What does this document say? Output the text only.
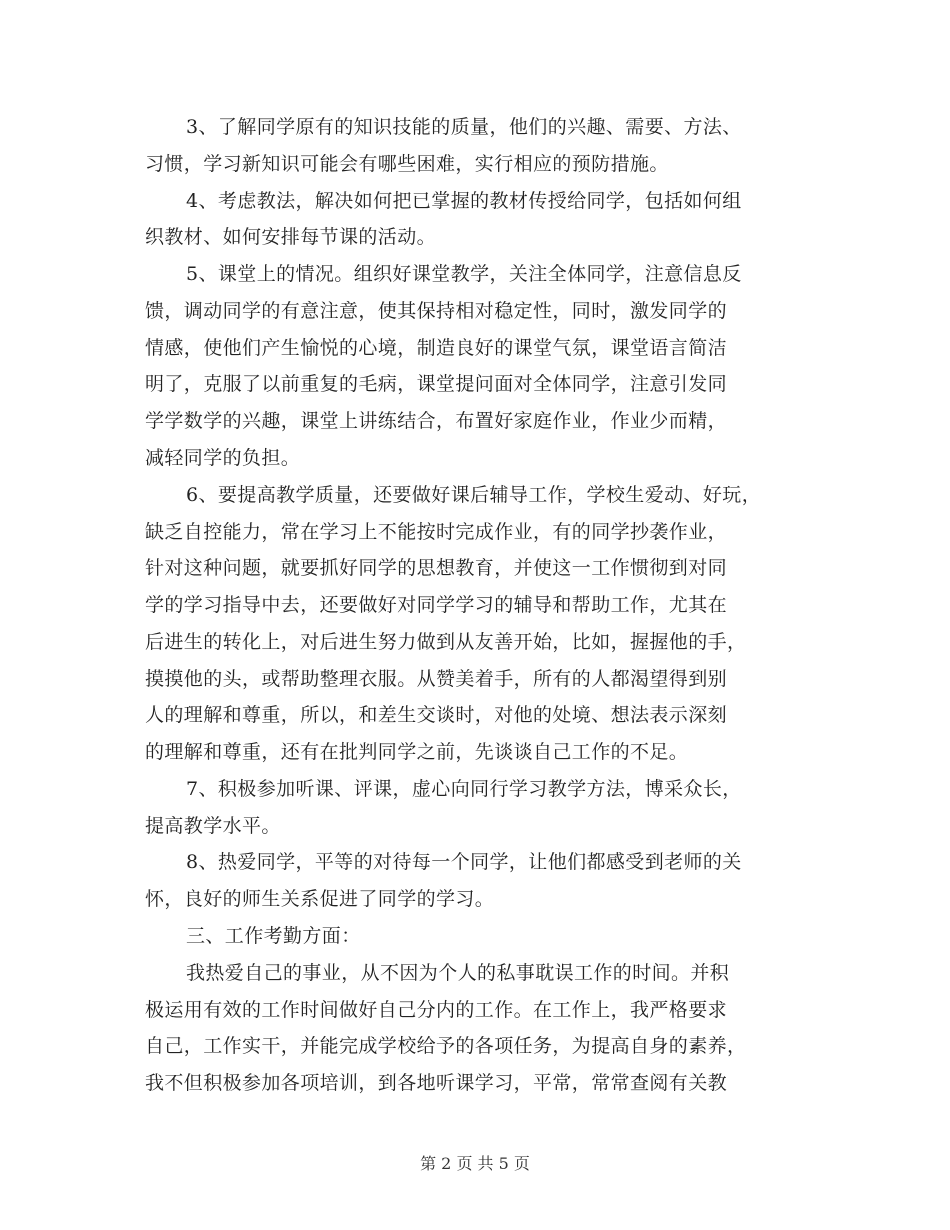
3、了解同学原有的知识技能的质量，他们的兴趣、需要、方法、
习惯，学习新知识可能会有哪些困难，实行相应的预防措施。
4、考虑教法，解决如何把已掌握的教材传授给同学，包括如何组
织教材、如何安排每节课的活动。
5、课堂上的情况。组织好课堂教学，关注全体同学，注意信息反
馈，调动同学的有意注意，使其保持相对稳定性，同时，激发同学的
情感，使他们产生愉悦的心境，制造良好的课堂气氛，课堂语言简洁
明了，克服了以前重复的毛病，课堂提问面对全体同学，注意引发同
学学数学的兴趣，课堂上讲练结合，布置好家庭作业，作业少而精，
减轻同学的负担。
6、要提高教学质量，还要做好课后辅导工作，学校生爱动、好玩，
缺乏自控能力，常在学习上不能按时完成作业，有的同学抄袭作业，
针对这种问题，就要抓好同学的思想教育，并使这一工作惯彻到对同
学的学习指导中去，还要做好对同学学习的辅导和帮助工作，尤其在
后进生的转化上，对后进生努力做到从友善开始，比如，握握他的手，
摸摸他的头，或帮助整理衣服。从赞美着手，所有的人都渴望得到别
人的理解和尊重，所以，和差生交谈时，对他的处境、想法表示深刻
的理解和尊重，还有在批判同学之前，先谈谈自己工作的不足。
7、积极参加听课、评课，虚心向同行学习教学方法，博采众长，
提高教学水平。
8、热爱同学，平等的对待每一个同学，让他们都感受到老师的关
怀，良好的师生关系促进了同学的学习。
三、工作考勤方面：
我热爱自己的事业，从不因为个人的私事耽误工作的时间。并积
极运用有效的工作时间做好自己分内的工作。在工作上，我严格要求
自己，工作实干，并能完成学校给予的各项任务，为提高自身的素养，
我不但积极参加各项培训，到各地听课学习，平常，常常查阅有关教
第 2 页 共 5 页
